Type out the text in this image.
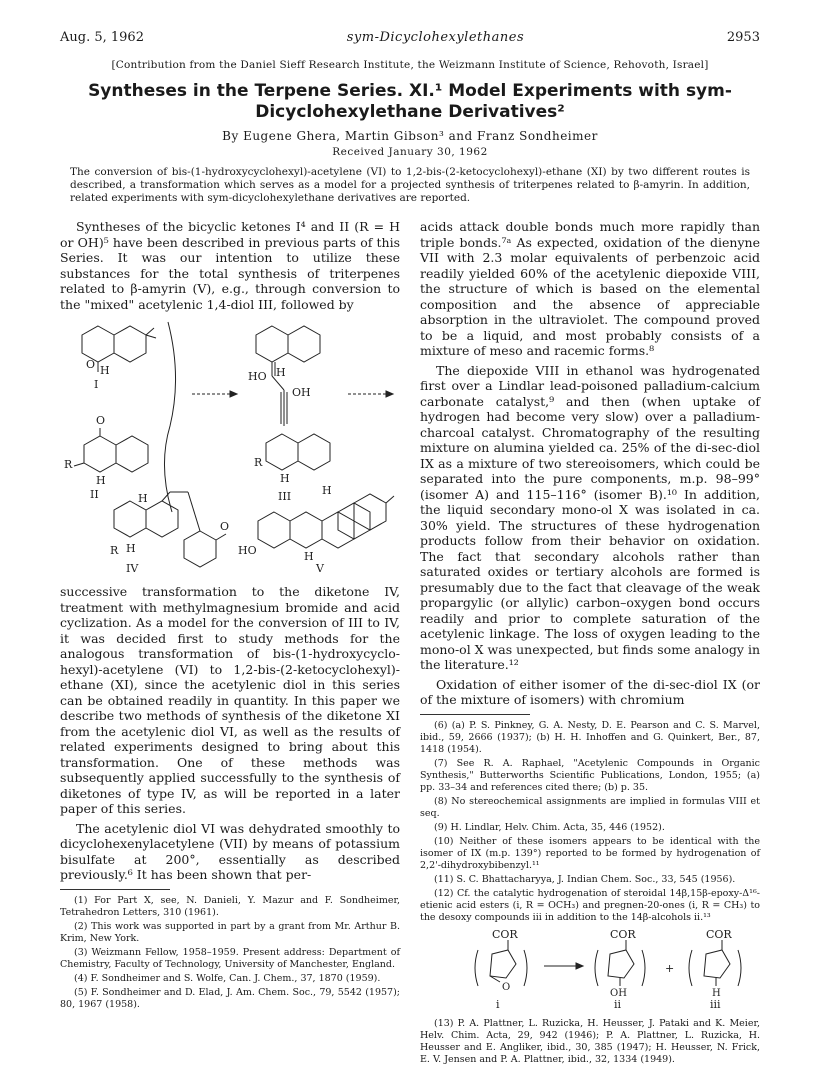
Aug. 5, 1962	sym-Dicyclohexylethanes	2953
[Contribution from the Daniel Sieff Research Institute, the Weizmann Institute of Science, Rehovoth, Israel]
Syntheses in the Terpene Series. XI.¹ Model Experiments with sym-Dicyclohexylethane Derivatives²
By Eugene Ghera, Martin Gibson³ and Franz Sondheimer
Received January 30, 1962
The conversion of bis-(1-hydroxycyclohexyl)-acetylene (VI) to 1,2-bis-(2-ketocyclohexyl)-ethane (XI) by two different routes is described, a transformation which serves as a model for a projected synthesis of triterpenes related to β-amyrin. In addition, related experiments with sym-dicyclohexylethane derivatives are reported.

Syntheses of the bicyclic ketones I⁴ and II (R = H or OH)⁵ have been described in previous parts of this Series. It was our intention to utilize these substances for the total synthesis of triterpenes related to β-amyrin (V), e.g., through conversion to the "mixed" acetylenic 1,4-diol III, followed by

O H
I
O
R
H
II
HO H
OH
R
H
III
O
H
R H
IV
H
HO	H
V

successive transformation to the diketone IV, treatment with methylmagnesium bromide and acid cyclization. As a model for the conversion of III to IV, it was decided first to study methods for the analogous transformation of bis-(1-hydroxycyclo-hexyl)-acetylene (VI) to 1,2-bis-(2-ketocyclohexyl)-ethane (XI), since the acetylenic diol in this series can be obtained readily in quantity. In this paper we describe two methods of synthesis of the diketone XI from the acetylenic diol VI, as well as the results of related experiments designed to bring about this transformation. One of these methods was subsequently applied successfully to the synthesis of diketones of type IV, as will be reported in a later paper of this series.

The acetylenic diol VI was dehydrated smoothly to dicyclohexenylacetylene (VII) by means of potassium bisulfate at 200°, essentially as described previously.⁶ It has been shown that per-

(1) For Part X, see, N. Danieli, Y. Mazur and F. Sondheimer, Tetrahedron Letters, 310 (1961).

(2) This work was supported in part by a grant from Mr. Arthur B. Krim, New York.

(3) Weizmann Fellow, 1958–1959. Present address: Department of Chemistry, Faculty of Technology, University of Manchester, England.

(4) F. Sondheimer and S. Wolfe, Can. J. Chem., 37, 1870 (1959).

(5) F. Sondheimer and D. Elad, J. Am. Chem. Soc., 79, 5542 (1957); 80, 1967 (1958).

acids attack double bonds much more rapidly than triple bonds.⁷ᵃ As expected, oxidation of the dienyne VII with 2.3 molar equivalents of perbenzoic acid readily yielded 60% of the acetylenic diepoxide VIII, the structure of which is based on the elemental composition and the absence of appreciable absorption in the ultraviolet. The compound proved to be a liquid, and most probably consists of a mixture of meso and racemic forms.⁸

The diepoxide VIII in ethanol was hydrogenated first over a Lindlar lead-poisoned palladium-calcium carbonate catalyst,⁹ and then (when uptake of hydrogen had become very slow) over a palladium-charcoal catalyst. Chromatography of the resulting mixture on alumina yielded ca. 25% of the di-sec-diol IX as a mixture of two stereoisomers, which could be separated into the pure components, m.p. 98–99° (isomer A) and 115–116° (isomer B).¹⁰ In addition, the liquid secondary mono-ol X was isolated in ca. 30% yield. The structures of these hydrogenation products follow from their behavior on oxidation. The fact that secondary alcohols rather than saturated oxides or tertiary alcohols are formed is presumably due to the fact that cleavage of the weak propargylic (or allylic) carbon–oxygen bond occurs readily and prior to complete saturation of the acetylenic linkage. The loss of oxygen leading to the mono-ol X was unexpected, but finds some analogy in the literature.¹²

Oxidation of either isomer of the di-sec-diol IX (or of the mixture of isomers) with chromium

(6) (a) P. S. Pinkney, G. A. Nesty, D. E. Pearson and C. S. Marvel, ibid., 59, 2666 (1937); (b) H. H. Inhoffen and G. Quinkert, Ber., 87, 1418 (1954).

(7) See R. A. Raphael, "Acetylenic Compounds in Organic Synthesis," Butterworths Scientific Publications, London, 1955; (a) pp. 33–34 and references cited there; (b) p. 35.

(8) No stereochemical assignments are implied in formulas VIII et seq.

(9) H. Lindlar, Helv. Chim. Acta, 35, 446 (1952).

(10) Neither of these isomers appears to be identical with the isomer of IX (m.p. 139°) reported to be formed by hydrogenation of 2,2'-dihydroxybibenzyl.¹¹

(11) S. C. Bhattacharyya, J. Indian Chem. Soc., 33, 545 (1956).

(12) Cf. the catalytic hydrogenation of steroidal 14β,15β-epoxy-Δ¹⁶-etienic acid esters (i, R = OCH₃) and pregnen-20-ones (i, R = CH₃) to the desoxy compounds iii in addition to the 14β-alcohols ii.¹³

COR	COR	COR
O
OH	H
+
i	ii	iii

(13) P. A. Plattner, L. Ruzicka, H. Heusser, J. Pataki and K. Meier, Helv. Chim. Acta, 29, 942 (1946); P. A. Plattner, L. Ruzicka, H. Heusser and E. Angliker, ibid., 30, 385 (1947); H. Heusser, N. Frick, E. V. Jensen and P. A. Plattner, ibid., 32, 1334 (1949).
